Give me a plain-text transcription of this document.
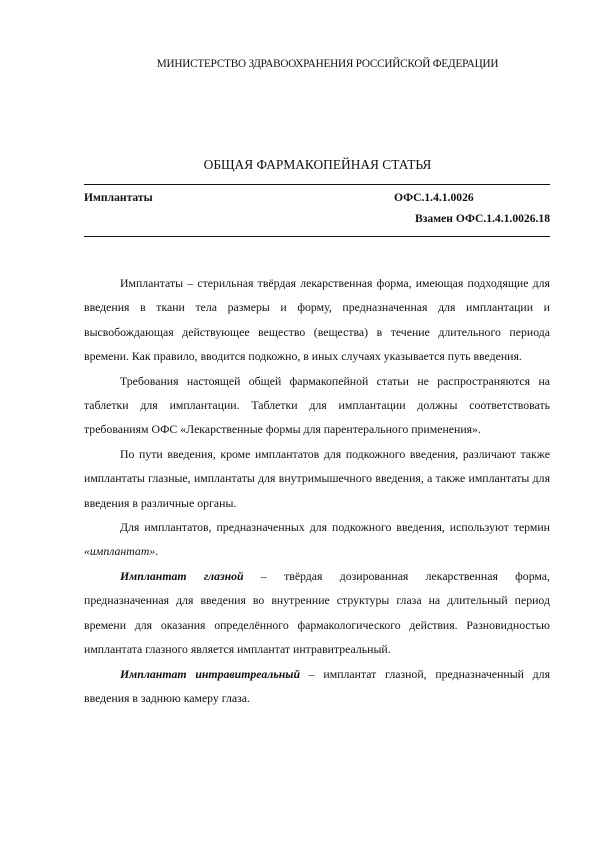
МИНИСТЕРСТВО ЗДРАВООХРАНЕНИЯ РОССИЙСКОЙ ФЕДЕРАЦИИ
ОБЩАЯ ФАРМАКОПЕЙНАЯ СТАТЬЯ
Имплантаты	ОФС.1.4.1.0026
Взамен ОФС.1.4.1.0026.18

Имплантаты – стерильная твёрдая лекарственная форма, имеющая подходящие для введения в ткани тела размеры и форму, предназначенная для имплантации и высвобождающая действующее вещество (вещества) в течение длительного периода времени. Как правило, вводится подкожно, в иных случаях указывается путь введения.

Требования настоящей общей фармакопейной статьи не распространяются на таблетки для имплантации. Таблетки для имплантации должны соответствовать требованиям ОФС «Лекарственные формы для парентерального применения».

По пути введения, кроме имплантатов для подкожного введения, различают также имплантаты глазные, имплантаты для внутримышечного введения, а также имплантаты для введения в различные органы.

Для имплантатов, предназначенных для подкожного введения, используют термин «имплантат».

Имплантат глазной – твёрдая дозированная лекарственная форма, предназначенная для введения во внутренние структуры глаза на длительный период времени для оказания определённого фармакологического действия. Разновидностью имплантата глазного является имплантат интравитреальный.

Имплантат интравитреальный – имплантат глазной, предназначенный для введения в заднюю камеру глаза.
